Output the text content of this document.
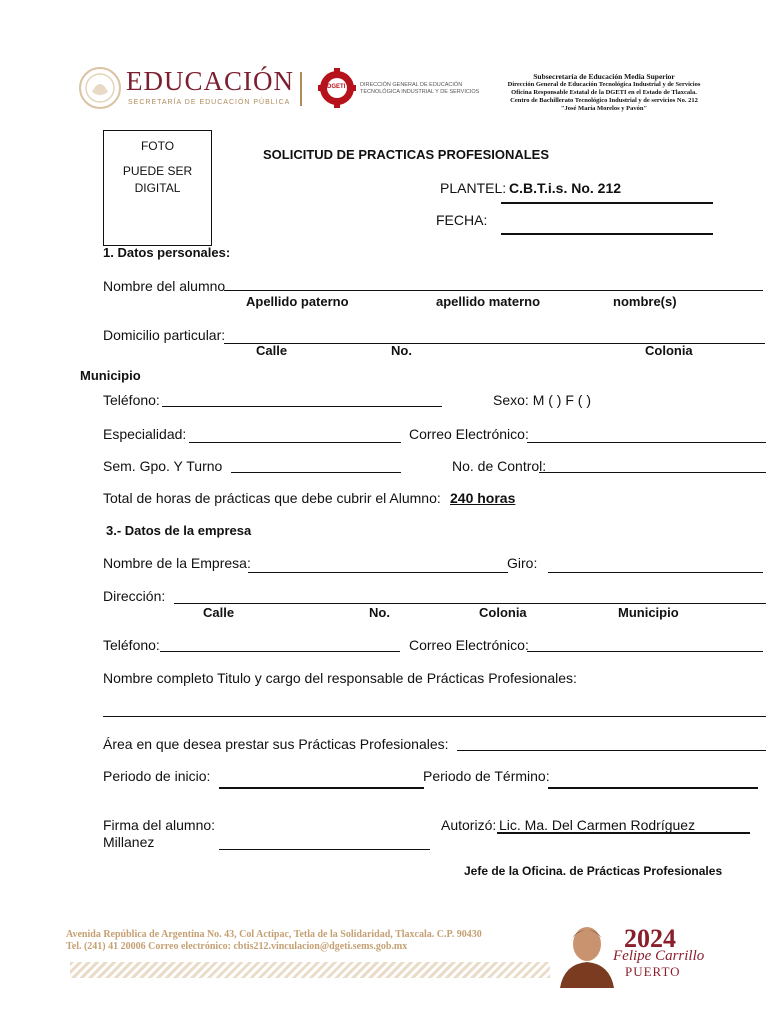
EDUCACIÓN
SECRETARÍA DE EDUCACIÓN PÚBLICA
DGETI	DIRECCIÓN GENERAL DE EDUCACIÓN
TECNOLÓGICA INDUSTRIAL Y DE SERVICIOS
Subsecretaría de Educación Media Superior
Dirección General de Educación Tecnológica Industrial y de Servicios
Oficina Responsable Estatal de la DGETI en el Estado de Tlaxcala.
Centro de Bachillerato Tecnológico Industrial y de servicios No. 212
"José María Morelos y Pavón"
FOTO
PUEDE SER
DIGITAL
SOLICITUD DE PRACTICAS PROFESIONALES
PLANTEL: C.B.T.i.s. No. 212
FECHA:
1. Datos personales:
Nombre del alumno
Apellido paterno	apellido materno	nombre(s)
Domicilio particular:
Calle	No.	Colonia
Municipio
Teléfono:	Sexo: M ( ) F ( )
Especialidad:	Correo Electrónico:
Sem. Gpo. Y Turno	No. de Control:
Total de horas de prácticas que debe cubrir el Alumno: 240 horas
3.- Datos de la empresa
Nombre de la Empresa:	Giro:
Dirección:
Calle	No.	Colonia	Municipio
Teléfono:	Correo Electrónico:
Nombre completo Titulo y cargo del responsable de Prácticas Profesionales:
Área en que desea prestar sus Prácticas Profesionales:
Periodo de inicio:	Periodo de Término:
Firma del alumno:
Millanez
Autorizó: Lic. Ma. Del Carmen Rodríguez
Jefe de la Oficina. de Prácticas Profesionales
Avenida República de Argentina No. 43, Col Actipac, Tetla de la Solidaridad, Tlaxcala. C.P. 90430
Tel. (241) 41 20006 Correo electrónico: cbtis212.vinculacion@dgeti.sems.gob.mx	2024
Felipe Carrillo
PUERTO
